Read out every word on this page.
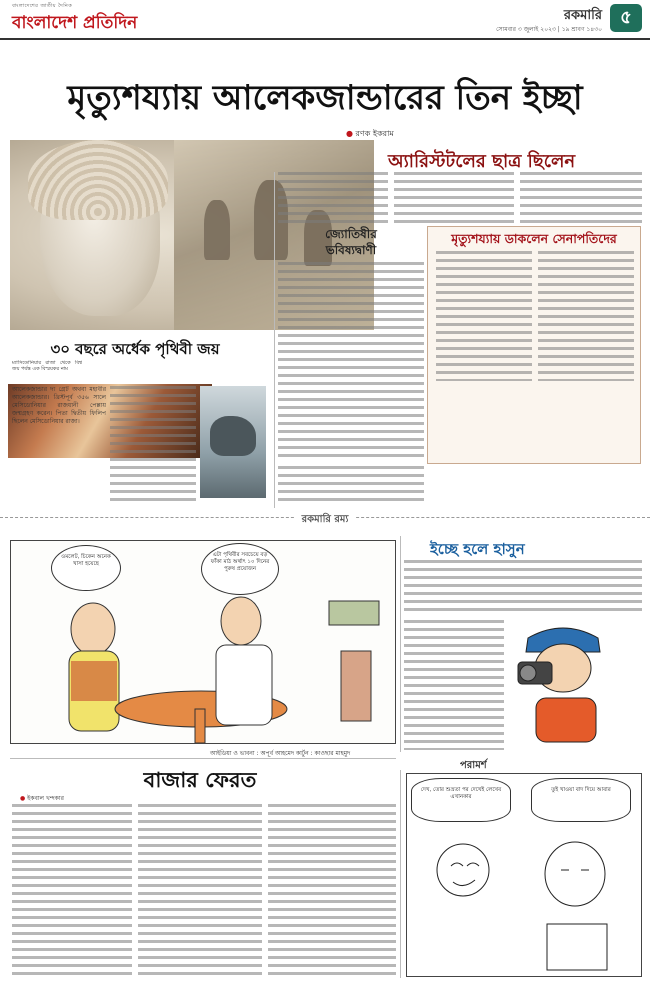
বাংলাদেশের জাতীয় দৈনিক
বাংলাদেশ প্রতিদিন	রকমারি
সোমবার ৩ জুলাই ২০২৩ | ১৯ শ্রাবণ ১৪৩০
৫
মৃত্যুশয্যায় আলেকজান্ডারের তিন ইচ্ছা
● রণক ইকরাম
অ্যারিস্টটলের ছাত্র ছিলেন
জ্যোতিষীর
ভবিষ্যদ্বাণী
মৃত্যুশয্যায় ডাকলেন সেনাপতিদের
৩০ বছরে অর্ধেক পৃথিবী জয়
ম্যাসিডোনিয়ার রাজা থেকে বিশ্ব জয় পর্যন্ত এক বিস্ময়কর নাম
আলেকজান্ডার দ্য গ্রেট অথবা মহাবীর আলেকজান্ডার। খ্রিস্টপূর্ব ৩৫৬ সালে মেসিডোনিয়ার রাজধানী পেল্লায় জন্মগ্রহণ করেন। পিতা দ্বিতীয় ফিলিপ ছিলেন মেসিডোনিয়ার রাজা।
রকমারি রম্য
ওমলেট, চিকেন অনেক খাসা হয়েছে
এটা পৃথিবীর সবচেয়ে বড় ফাঁকা মাঠ অর্থাৎ ১০ দিনের পুরুষ প্রয়োজন
আইডিয়া ও ভাবনা : অপূর্ব আহমেদ কার্টুন : কাওছার মাহমুদ
ইচ্ছে হলে হাসুন
বাজার ফেরত
● ইকবাল খন্দকার
পরামর্শ
দেখ, তোর শুভ্রতা পর দেখেই লেখেব এখানকার
তুই খাওয়া বাদ দিয়ে আবার
